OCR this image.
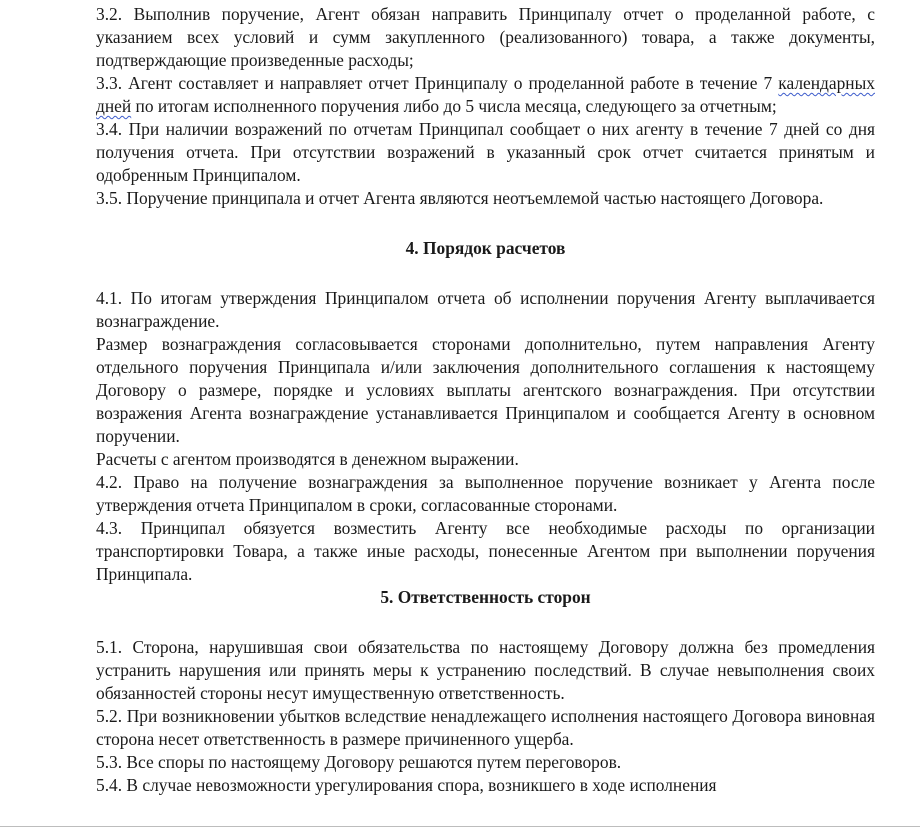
3.2. Выполнив поручение, Агент обязан направить Принципалу отчет о проделанной работе, с указанием всех условий и сумм закупленного (реализованного) товара, а также документы, подтверждающие произведенные расходы;

3.3. Агент составляет и направляет отчет Принципалу о проделанной работе в течение 7 календарных дней по итогам исполненного поручения либо до 5 числа месяца, следующего за отчетным;

3.4. При наличии возражений по отчетам Принципал сообщает о них агенту в течение 7 дней со дня получения отчета. При отсутствии возражений в указанный срок отчет считается принятым и одобренным Принципалом.

3.5. Поручение принципала и отчет Агента являются неотъемлемой частью настоящего Договора.

4. Порядок расчетов

4.1. По итогам утверждения Принципалом отчета об исполнении поручения Агенту выплачивается вознаграждение.

Размер вознаграждения согласовывается сторонами дополнительно, путем направления Агенту отдельного поручения Принципала и/или заключения дополнительного соглашения к настоящему Договору о размере, порядке и условиях выплаты агентского вознаграждения. При отсутствии возражения Агента вознаграждение устанавливается Принципалом и сообщается Агенту в основном поручении.

Расчеты с агентом производятся в денежном выражении.

4.2. Право на получение вознаграждения за выполненное поручение возникает у Агента после утверждения отчета Принципалом в сроки, согласованные сторонами.

4.3. Принципал обязуется возместить Агенту все необходимые расходы по организации транспортировки Товара, а также иные расходы, понесенные Агентом при выполнении поручения Принципала.

5. Ответственность сторон

5.1. Сторона, нарушившая свои обязательства по настоящему Договору должна без промедления устранить нарушения или принять меры к устранению последствий. В случае невыполнения своих обязанностей стороны несут имущественную ответственность.

5.2. При возникновении убытков вследствие ненадлежащего исполнения настоящего Договора виновная сторона несет ответственность в размере причиненного ущерба.

5.3. Все споры по настоящему Договору решаются путем переговоров.

5.4. В случае невозможности урегулирования спора, возникшего в ходе исполнения
